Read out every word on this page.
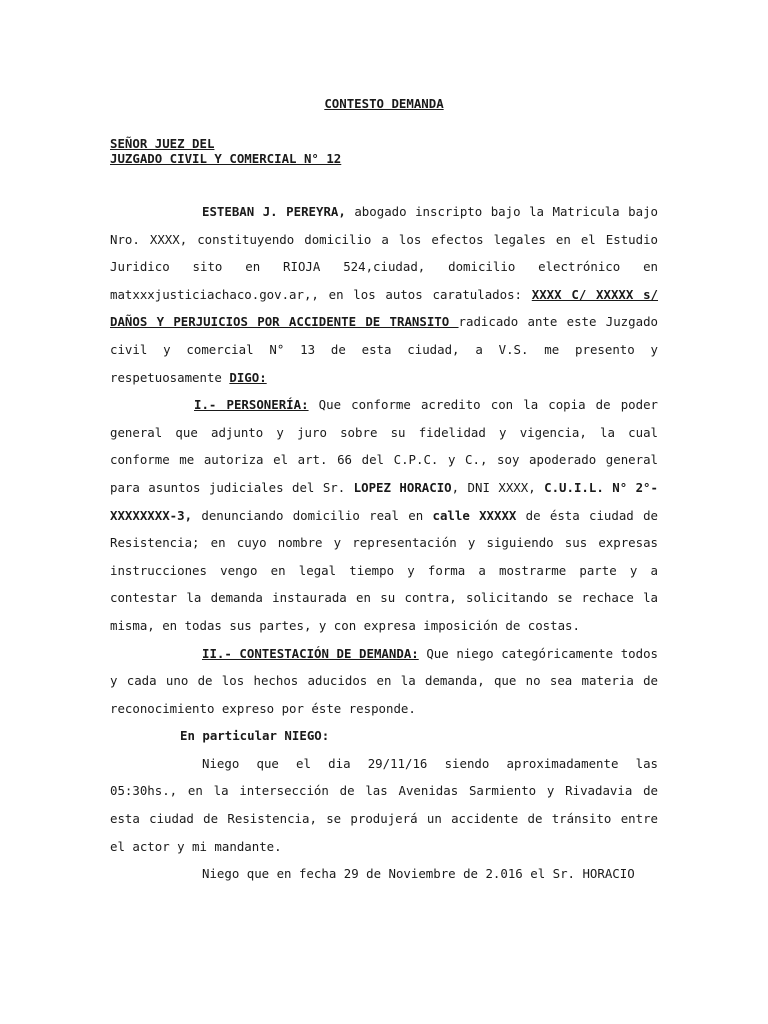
CONTESTO DEMANDA
SEÑOR JUEZ DEL
JUZGADO CIVIL Y COMERCIAL N° 12

ESTEBAN J. PEREYRA, abogado inscripto bajo la Matricula bajo Nro. XXXX, constituyendo domicilio a los efectos legales en el Estudio Juridico sito en RIOJA 524,ciudad, domicilio electrónico en matxxxjusticiachaco.gov.ar,, en los autos caratulados: XXXX C/ XXXXX s/ DAÑOS Y PERJUICIOS POR ACCIDENTE DE TRANSITO radicado ante este Juzgado civil y comercial N° 13 de esta ciudad, a V.S. me presento y respetuosamente DIGO:

I.- PERSONERÍA: Que conforme acredito con la copia de poder general que adjunto y juro sobre su fidelidad y vigencia, la cual conforme me autoriza el art. 66 del C.P.C. y C., soy apoderado general para asuntos judiciales del Sr. LOPEZ HORACIO, DNI XXXX, C.U.I.L. N° 2°-XXXXXXXX-3, denunciando domicilio real en calle XXXXX de ésta ciudad de Resistencia; en cuyo nombre y representación y siguiendo sus expresas instrucciones vengo en legal tiempo y forma a mostrarme parte y a contestar la demanda instaurada en su contra, solicitando se rechace la misma, en todas sus partes, y con expresa imposición de costas.

II.- CONTESTACIÓN DE DEMANDA: Que niego categóricamente todos y cada uno de los hechos aducidos en la demanda, que no sea materia de reconocimiento expreso por éste responde.

En particular NIEGO:

Niego que el dia 29/11/16 siendo aproximadamente las 05:30hs., en la intersección de las Avenidas Sarmiento y Rivadavia de esta ciudad de Resistencia, se produjerá un accidente de tránsito entre el actor y mi mandante.

Niego que en fecha 29 de Noviembre de 2.016 el Sr. HORACIO
